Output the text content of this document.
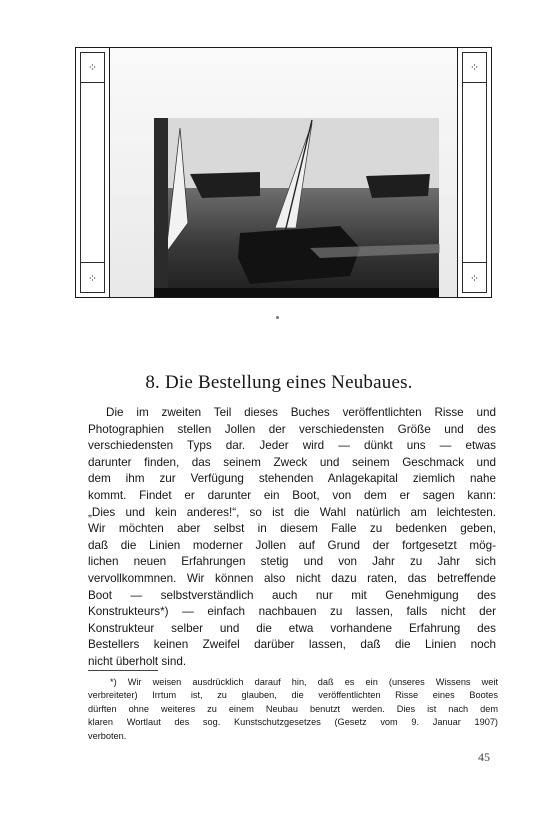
⁘
⁘
⁘
⁘
8. Die Bestellung eines Neubaues.
Die im zweiten Teil dieses Buches veröffentlichten Risse und
Photographien stellen Jollen der verschiedensten Größe und des
verschiedensten Typs dar. Jeder wird — dünkt uns — etwas
darunter finden, das seinem Zweck und seinem Geschmack und
dem ihm zur Verfügung stehenden Anlagekapital ziemlich nahe
kommt. Findet er darunter ein Boot, von dem er sagen kann:
„Dies und kein anderes!“, so ist die Wahl natürlich am leichtesten.
Wir möchten aber selbst in diesem Falle zu bedenken geben,
daß die Linien moderner Jollen auf Grund der fortgesetzt mög-
lichen neuen Erfahrungen stetig und von Jahr zu Jahr sich
vervollkommnen. Wir können also nicht dazu raten, das betreffende
Boot — selbstverständlich auch nur mit Genehmigung des
Konstrukteurs*) — einfach nachbauen zu lassen, falls nicht der
Konstrukteur selber und die etwa vorhandene Erfahrung des
Bestellers keinen Zweifel darüber lassen, daß die Linien noch
nicht überholt sind.
*) Wir weisen ausdrücklich darauf hin, daß es ein (unseres Wissens weit
verbreiteter) Irrtum ist, zu glauben, die veröffentlichten Risse eines Bootes
dürften ohne weiteres zu einem Neubau benutzt werden. Dies ist nach dem
klaren Wortlaut des sog. Kunstschutzgesetzes (Gesetz vom 9. Januar 1907)
verboten.
45
